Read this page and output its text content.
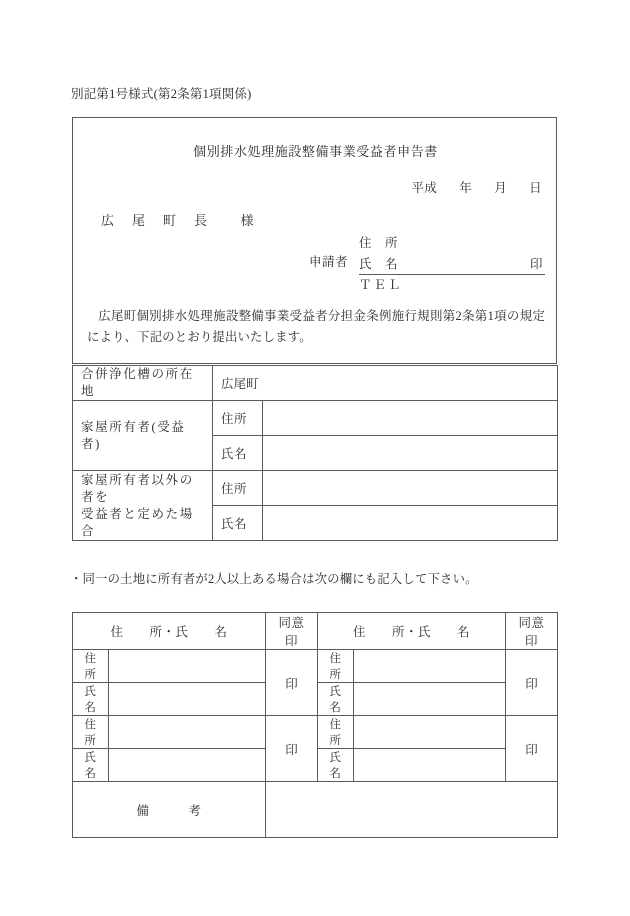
別記第1号様式(第2条第1項関係)
個別排水処理施設整備事業受益者申告書
平成 年 月 日
広　尾　町　長　　様
申請者
住　所
氏　名	印
ＴＥＬ
広尾町個別排水処理施設整備事業受益者分担金条例施行規則第2条第1項の規定により、下記のとおり提出いたします。
合併浄化槽の所在地	広尾町	
家屋所有者(受益者)	住所	
	氏名	

家屋所有者以外の者を
受益者と定めた場合	住所	
	氏名	
・同一の土地に所有者が2人以上ある場合は次の欄にも記入して下さい。
住　　所・氏　　名		同意印	住　　所・氏　　名		同意印
住所		印	住所		印
氏名			氏名		
住所		印	住所		印
氏名			氏名		
備　　　考					
